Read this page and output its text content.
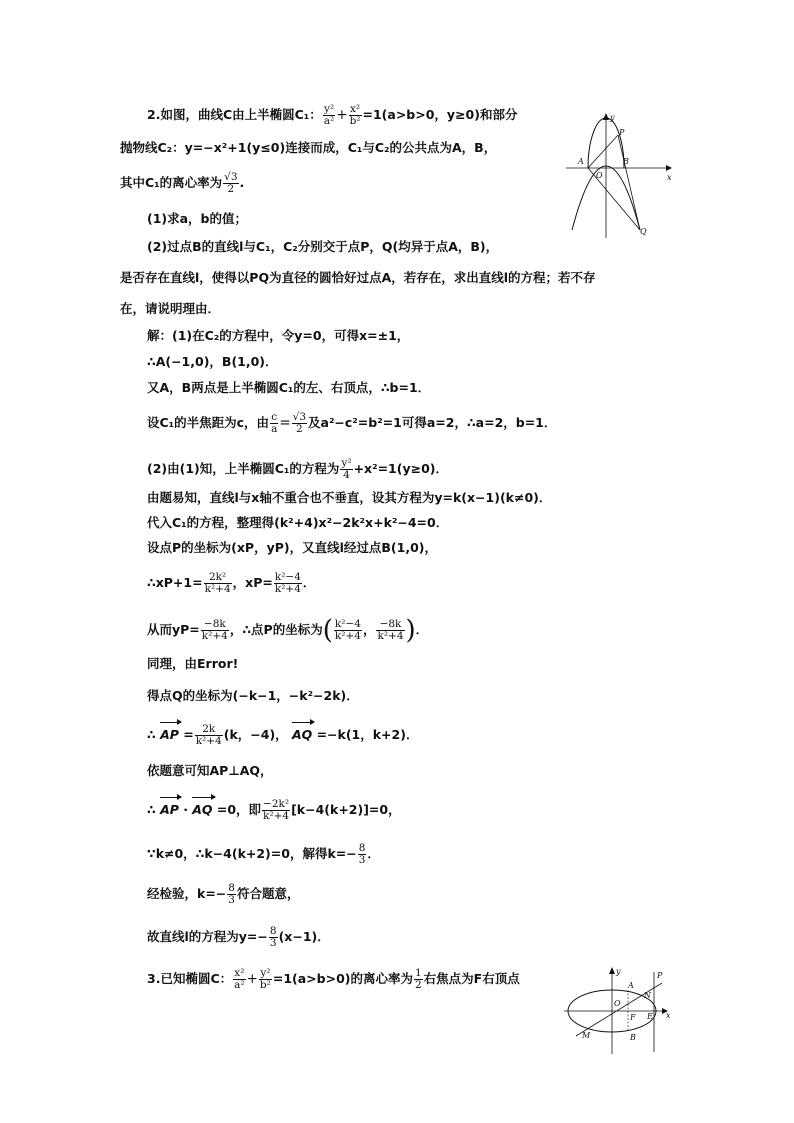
2.如图，曲线C由上半椭圆C₁： $\frac{\text{y²}}{\text{a²}} + \frac{\text{x²}}{\text{b²}} =1(a>b>0$，y≥0)和部分
抛物线C₂：y=−x²+1(y≤0)连接而成，C₁与C₂的公共点为A，B，
其中C₁的离心率为 $\frac{√3}{2}$ .
(1)求a，b的值；
(2)过点B的直线l与C₁，C₂分别交于点P，Q(均异于点A，B)，
是否存在直线l，使得以PQ为直径的圆恰好过点A，若存在，求出直线l的方程；若不存
在，请说明理由．
y
x
P
A
O
B
Q
解：(1)在C₂的方程中，令y=0，可得x=±1，
∴A(−1,0)，B(1,0)．
又A，B两点是上半椭圆C₁的左、右顶点，∴b=1．
设C₁的半焦距为c，由 $\frac{c}{a} = \frac{√3}{2}$ 及a²−c²=b²=1可得a=2，∴a=2，b=1．
(2)由(1)知，上半椭圆C₁的方程为 $\frac{\text{y²}}{4} +x^2=1(y\ge 0)$．
由题易知，直线l与x轴不重合也不垂直，设其方程为y=k(x−1)(k≠0)．
代入C₁的方程，整理得(k²+4)x²−2k²x+k²−4=0．
设点P的坐标为(xP，yP)，又直线l经过点B(1,0)，
∴xP+1= $\frac{\text{2k²}}{\text{k²+4}}$ ，$xP= \frac{\text{k²−4}}{\text{k²+4}}$ ．
从而$yP= \frac{-8k}{\text{k²+4}}$ ，∴点P的坐标为( $\frac{\text{k²−4}}{\text{k²+4}}$ ， $\frac{-8k}{\text{k²+4}}$ )．
同理，由Error!
得点Q的坐标为(−k−1，−k²−2k)．
∴ AP = $\frac{2k}{\text{k²+4}} (k$，−4)， AQ =−k(1，k+2)．
依题意可知AP⊥AQ，
∴ AP · AQ =0，即 $\frac{\text{−2k²}}{\text{k²+4}} [k-4(k+2)]=0$，
∵k≠0，∴k−4(k+2)=0，解得$k=- \frac{8}{3}$ ．
经检验，$k=- \frac{8}{3}$ 符合题意，
故直线l的方程为$y=- \frac{8}{3} (x-1)$．
3.已知椭圆C： $\frac{\text{x²}}{\text{a²}} + \frac{\text{y²}}{\text{b²}} =1(a>b>0)$的离心率为 $\frac{1}{2}$ 右焦点为F右顶点	y
x
P
A
N
O
F E
M	B
